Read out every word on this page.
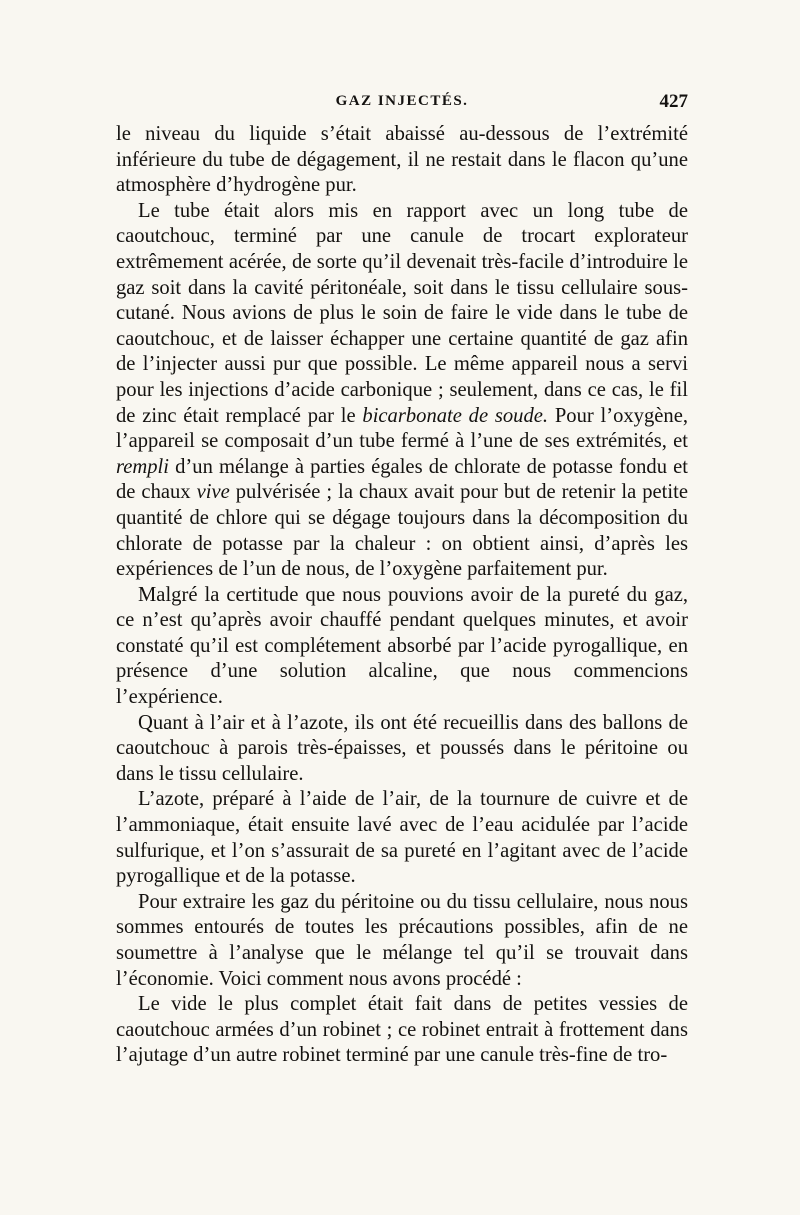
GAZ INJECTÉS.	427

le niveau du liquide s’était abaissé au-dessous de l’extrémité inférieure du tube de dégagement, il ne restait dans le flacon qu’une atmosphère d’hydrogène pur.

Le tube était alors mis en rapport avec un long tube de caoutchouc, terminé par une canule de trocart explorateur extrêmement acérée, de sorte qu’il devenait très-facile d’introduire le gaz soit dans la cavité péritonéale, soit dans le tissu cellulaire sous-cutané. Nous avions de plus le soin de faire le vide dans le tube de caoutchouc, et de laisser échapper une certaine quantité de gaz afin de l’injecter aussi pur que possible. Le même appareil nous a servi pour les injections d’acide carbonique ; seulement, dans ce cas, le fil de zinc était remplacé par le bicarbonate de soude. Pour l’oxygène, l’appareil se composait d’un tube fermé à l’une de ses extrémités, et rempli d’un mélange à parties égales de chlorate de potasse fondu et de chaux vive pulvérisée ; la chaux avait pour but de retenir la petite quantité de chlore qui se dégage toujours dans la décomposition du chlorate de potasse par la chaleur : on obtient ainsi, d’après les expériences de l’un de nous, de l’oxygène parfaitement pur.

Malgré la certitude que nous pouvions avoir de la pureté du gaz, ce n’est qu’après avoir chauffé pendant quelques minutes, et avoir constaté qu’il est complétement absorbé par l’acide pyrogallique, en présence d’une solution alcaline, que nous commencions l’expérience.

Quant à l’air et à l’azote, ils ont été recueillis dans des ballons de caoutchouc à parois très-épaisses, et poussés dans le péritoine ou dans le tissu cellulaire.

L’azote, préparé à l’aide de l’air, de la tournure de cuivre et de l’ammoniaque, était ensuite lavé avec de l’eau acidulée par l’acide sulfurique, et l’on s’assurait de sa pureté en l’agitant avec de l’acide pyrogallique et de la potasse.

Pour extraire les gaz du péritoine ou du tissu cellulaire, nous nous sommes entourés de toutes les précautions possibles, afin de ne soumettre à l’analyse que le mélange tel qu’il se trouvait dans l’économie. Voici comment nous avons procédé :

Le vide le plus complet était fait dans de petites vessies de caoutchouc armées d’un robinet ; ce robinet entrait à frottement dans l’ajutage d’un autre robinet terminé par une canule très-fine de tro-
